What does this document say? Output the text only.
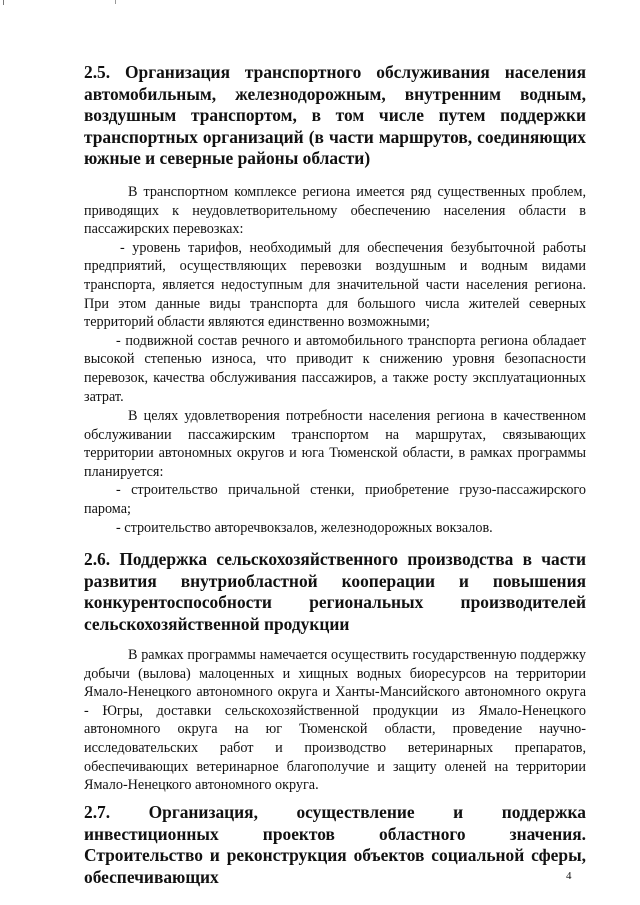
2.5. Организация транспортного обслуживания населения автомобильным, железнодорожным, внутренним водным, воздушным транспортом, в том числе путем поддержки транспортных организаций (в части маршрутов, соединяющих южные и северные районы области)

В транспортном комплексе региона имеется ряд существенных проблем, приводящих к неудовлетворительному обеспечению населения области в пассажирских перевозках:

- уровень тарифов, необходимый для обеспечения безубыточной работы предприятий, осуществляющих перевозки воздушным и водным видами транспорта, является недоступным для значительной части населения региона. При этом данные виды транспорта для большого числа жителей северных территорий области являются единственно возможными;

- подвижной состав речного и автомобильного транспорта региона обладает высокой степенью износа, что приводит к снижению уровня безопасности перевозок, качества обслуживания пассажиров, а также росту эксплуатационных затрат.

В целях удовлетворения потребности населения региона в качественном обслуживании пассажирским транспортом на маршрутах, связывающих территории автономных округов и юга Тюменской области, в рамках программы планируется:

- строительство причальной стенки, приобретение грузо-пассажирского парома;

- строительство авторечвокзалов, железнодорожных вокзалов.

2.6. Поддержка сельскохозяйственного производства в части развития внутриобластной кооперации и повышения конкурентоспособности региональных производителей сельскохозяйственной продукции

В рамках программы намечается осуществить государственную поддержку добычи (вылова) малоценных и хищных водных биоресурсов на территории Ямало-Ненецкого автономного округа и Ханты-Мансийского автономного округа - Югры, доставки сельскохозяйственной продукции из Ямало-Ненецкого автономного округа на юг Тюменской области, проведение научно-исследовательских работ и производство ветеринарных препаратов, обеспечивающих ветеринарное благополучие и защиту оленей на территории Ямало-Ненецкого автономного округа.

2.7. Организация, осуществление и поддержка инвестиционных проектов областного значения. Строительство и реконструкция объектов социальной сферы, обеспечивающих	4
